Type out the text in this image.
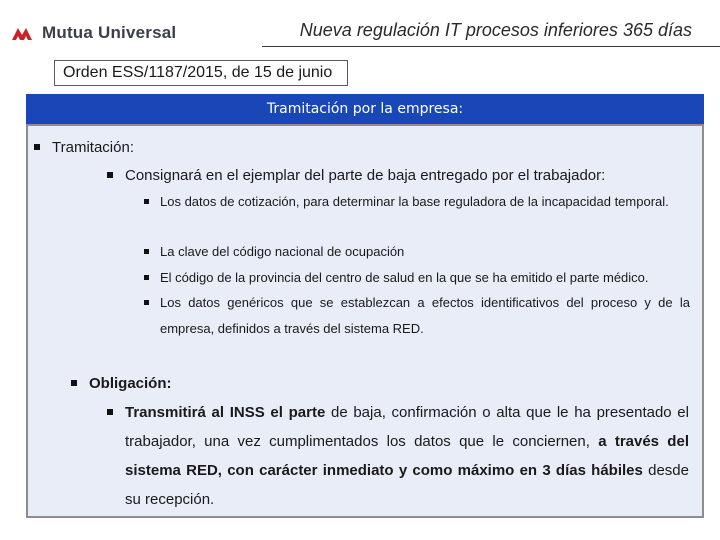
Mutua Universal	Nueva regulación IT procesos inferiores 365 días
Orden ESS/1187/2015, de 15 de junio
Tramitación por la empresa:
Tramitación:
Consignará en el ejemplar del parte de baja entregado por el trabajador:
Los datos de cotización, para determinar la base reguladora de la incapacidad temporal.
La clave del código nacional de ocupación
El código de la provincia del centro de salud en la que se ha emitido el parte médico.
Los datos genéricos que se establezcan a efectos identificativos del proceso y de la empresa, definidos a través del sistema RED.
Obligación:
Transmitirá al INSS el parte de baja, confirmación o alta que le ha presentado el trabajador, una vez cumplimentados los datos que le conciernen, a través del sistema RED, con carácter inmediato y como máximo en 3 días hábiles desde su recepción.
